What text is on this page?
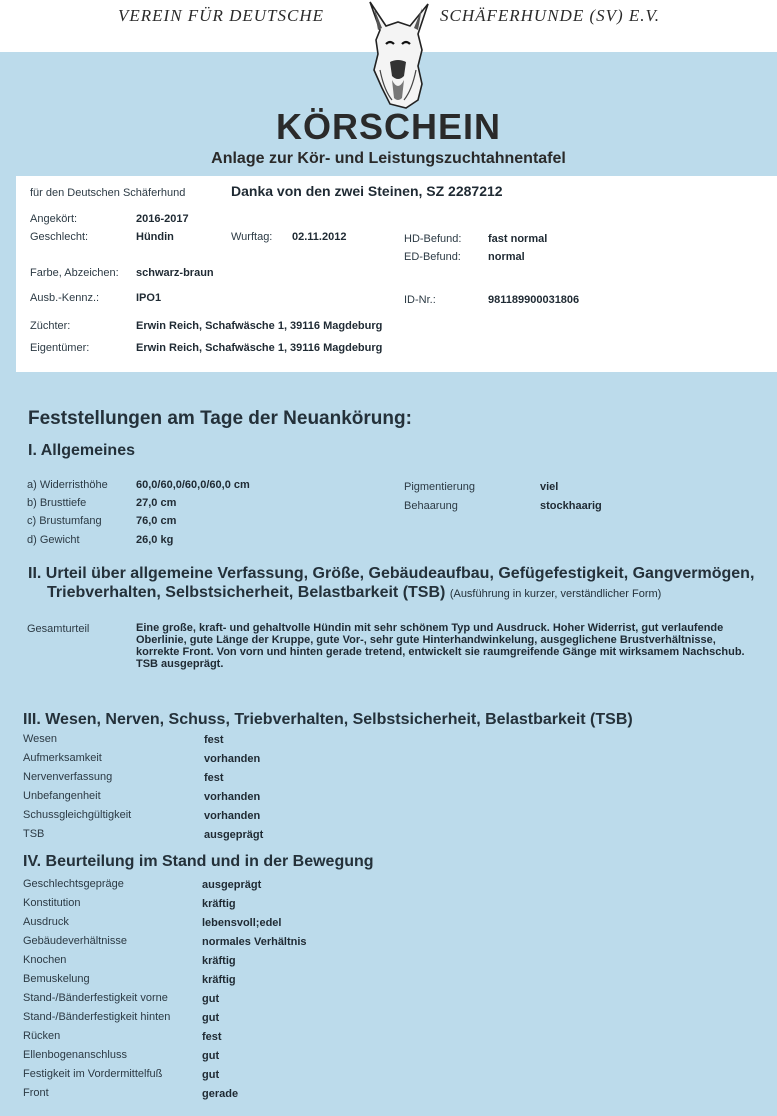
VEREIN FÜR DEUTSCHE	SCHÄFERHUNDE (SV) E.V.
KÖRSCHEIN
Anlage zur Kör- und Leistungszuchtahnentafel
für den Deutschen Schäferhund	Danka von den zwei Steinen, SZ 2287212
Angekört:	2016-2017
Geschlecht:	Hündin	Wurftag: 02.11.2012	HD-Befund: fast normal
ED-Befund: normal
Farbe, Abzeichen: schwarz-braun
Ausb.-Kennz.:	IPO1	ID-Nr.:	981189900031806
Züchter:	Erwin Reich, Schafwäsche 1, 39116 Magdeburg
Eigentümer:	Erwin Reich, Schafwäsche 1, 39116 Magdeburg
Feststellungen am Tage der Neuankörung:
I. Allgemeines
a) Widerristhöhe	60,0/60,0/60,0/60,0 cm
b) Brusttiefe	27,0 cm
c) Brustumfang	76,0 cm
d) Gewicht	26,0 kg
Pigmentierung	viel
Behaarung	stockhaarig
II. Urteil über allgemeine Verfassung, Größe, Gebäudeaufbau, Gefügefestigkeit, Gangvermögen,
Triebverhalten, Selbstsicherheit, Belastbarkeit (TSB) (Ausführung in kurzer, verständlicher Form)
Gesamturteil	Eine große, kraft- und gehaltvolle Hündin mit sehr schönem Typ und Ausdruck. Hoher Widerrist, gut verlaufende Oberlinie, gute Länge der Kruppe, gute Vor-, sehr gute Hinterhandwinkelung, ausgeglichene Brustverhältnisse, korrekte Front. Von vorn und hinten gerade tretend, entwickelt sie raumgreifende Gänge mit wirksamem Nachschub. TSB ausgeprägt.
III. Wesen, Nerven, Schuss, Triebverhalten, Selbstsicherheit, Belastbarkeit (TSB)
Wesen	fest
Aufmerksamkeit	vorhanden
Nervenverfassung	fest
Unbefangenheit	vorhanden
Schussgleichgültigkeit	vorhanden
TSB	ausgeprägt
IV. Beurteilung im Stand und in der Bewegung
Geschlechtsgepräge	ausgeprägt
Konstitution	kräftig
Ausdruck	lebensvoll;edel
Gebäudeverhältnisse	normales Verhältnis
Knochen	kräftig
Bemuskelung	kräftig
Stand-/Bänderfestigkeit vorne	gut
Stand-/Bänderfestigkeit hinten	gut
Rücken	fest
Ellenbogenanschluss	gut
Festigkeit im Vordermittelfuß	gut
Front	gerade
